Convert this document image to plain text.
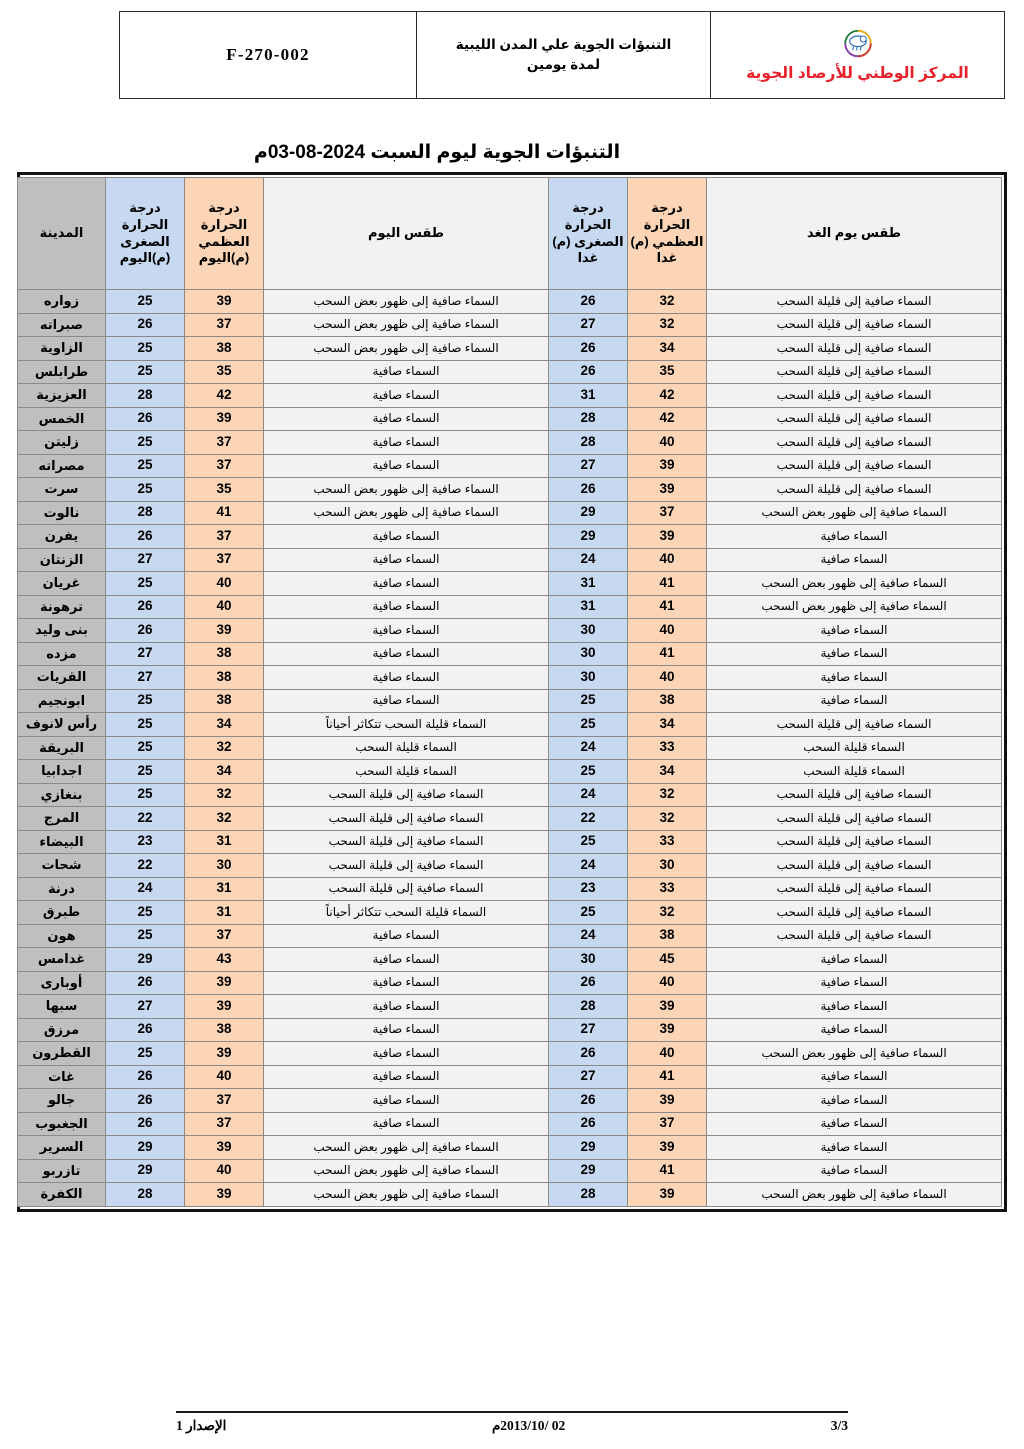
المركز الوطني للأرصاد الجوية
التنبؤات الجوية علي المدن الليبية
لمدة يومين
F-270-002
التنبؤات الجوية ليوم السبت 2024-08-03م
طقس يوم الغد	درجة الحرارة العظمي (م) غدا	درجة الحرارة الصغرى (م) غدا	طقس اليوم	درجة الحرارة العظمي (م)اليوم	درجة الحرارة الصغرى (م)اليوم	المدينة
السماء صافية إلى قليلة السحب	32	26	السماء صافية إلى ظهور بعض السحب	39	25	زواره
السماء صافية إلى قليلة السحب	32	27	السماء صافية إلى ظهور بعض السحب	37	26	صبراته
السماء صافية إلى قليلة السحب	34	26	السماء صافية إلى ظهور بعض السحب	38	25	الزاوية
السماء صافية إلى قليلة السحب	35	26	السماء صافية	35	25	طرابلس
السماء صافية إلى قليلة السحب	42	31	السماء صافية	42	28	العزيزية
السماء صافية إلى قليلة السحب	42	28	السماء صافية	39	26	الخمس
السماء صافية إلى قليلة السحب	40	28	السماء صافية	37	25	زليتن
السماء صافية إلى قليلة السحب	39	27	السماء صافية	37	25	مصراته
السماء صافية إلى قليلة السحب	39	26	السماء صافية إلى ظهور بعض السحب	35	25	سرت
السماء صافية إلى ظهور بعض السحب	37	29	السماء صافية إلى ظهور بعض السحب	41	28	نالوت
السماء صافية	39	29	السماء صافية	37	26	يفرن
السماء صافية	40	24	السماء صافية	37	27	الزنتان
السماء صافية إلى ظهور بعض السحب	41	31	السماء صافية	40	25	غريان
السماء صافية إلى ظهور بعض السحب	41	31	السماء صافية	40	26	ترهونة
السماء صافية	40	30	السماء صافية	39	26	بنى وليد
السماء صافية	41	30	السماء صافية	38	27	مزده
السماء صافية	40	30	السماء صافية	38	27	القريات
السماء صافية	38	25	السماء صافية	38	25	ابونجيم
السماء صافية إلى قليلة السحب	34	25	السماء قليلة السحب تتكاثر أحياناً	34	25	رأس لانوف
السماء قليلة السحب	33	24	السماء قليلة السحب	32	25	البريقة
السماء قليلة السحب	34	25	السماء قليلة السحب	34	25	اجدابيا
السماء صافية إلى قليلة السحب	32	24	السماء صافية إلى قليلة السحب	32	25	بنغازي
السماء صافية إلى قليلة السحب	32	22	السماء صافية إلى قليلة السحب	32	22	المرج
السماء صافية إلى قليلة السحب	33	25	السماء صافية إلى قليلة السحب	31	23	البيضاء
السماء صافية إلى قليلة السحب	30	24	السماء صافية إلى قليلة السحب	30	22	شحات
السماء صافية إلى قليلة السحب	33	23	السماء صافية إلى قليلة السحب	31	24	درنة
السماء صافية إلى قليلة السحب	32	25	السماء قليلة السحب تتكاثر أحياناً	31	25	طبرق
السماء صافية إلى قليلة السحب	38	24	السماء صافية	37	25	هون
السماء صافية	45	30	السماء صافية	43	29	غدامس
السماء صافية	40	26	السماء صافية	39	26	أوبارى
السماء صافية	39	28	السماء صافية	39	27	سبها
السماء صافية	39	27	السماء صافية	38	26	مرزق
السماء صافية إلى ظهور بعض السحب	40	26	السماء صافية	39	25	القطرون
السماء صافية	41	27	السماء صافية	40	26	غات
السماء صافية	39	26	السماء صافية	37	26	جالو
السماء صافية	37	26	السماء صافية	37	26	الجغبوب
السماء صافية	39	29	السماء صافية إلى ظهور بعض السحب	39	29	السرير
السماء صافية	41	29	السماء صافية إلى ظهور بعض السحب	40	29	تازربو
السماء صافية إلى ظهور بعض السحب	39	28	السماء صافية إلى ظهور بعض السحب	39	28	الكفرة
3/3
02 /2013/10م
الإصدار 1
